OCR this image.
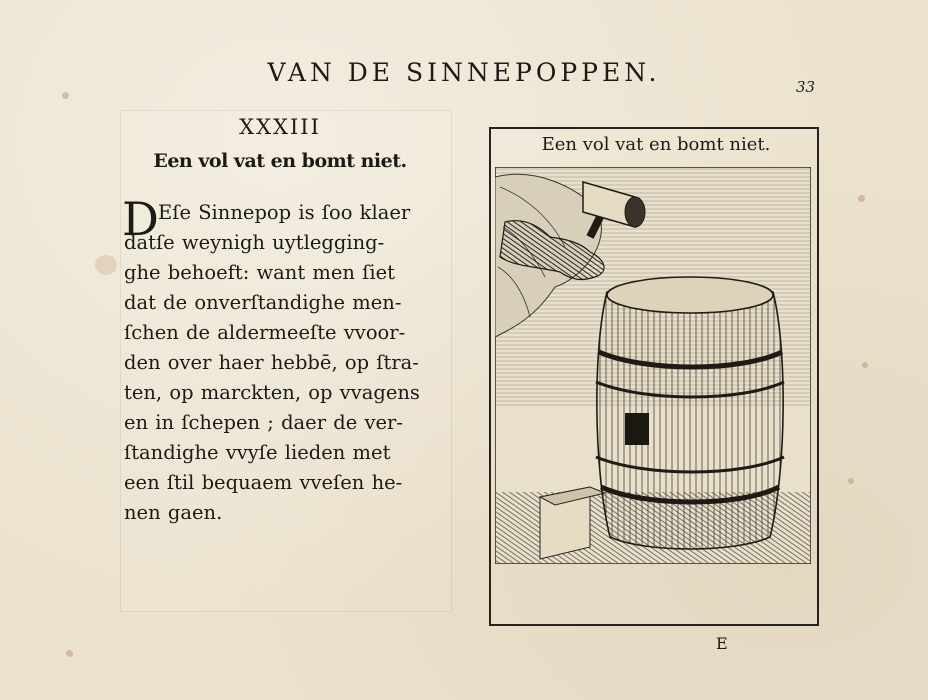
VAN DE SINNEPOPPEN.	33
XXXIII
Een vol vat en bomt niet.
D Eſe Sinnepop is ſoo klaer
datſe weynigh uytlegging-
ghe behoeft: want men ſiet
dat de onverſtandighe men-
ſchen de aldermeeſte vvoor-
den over haer hebbē, op ſtra-
ten, op marckten, op vvagens
en in ſchepen ; daer de ver-
ſtandighe vvyſe lieden met
een ſtil bequaem vveſen he-
nen gaen.
Een vol vat en bomt niet.
E
